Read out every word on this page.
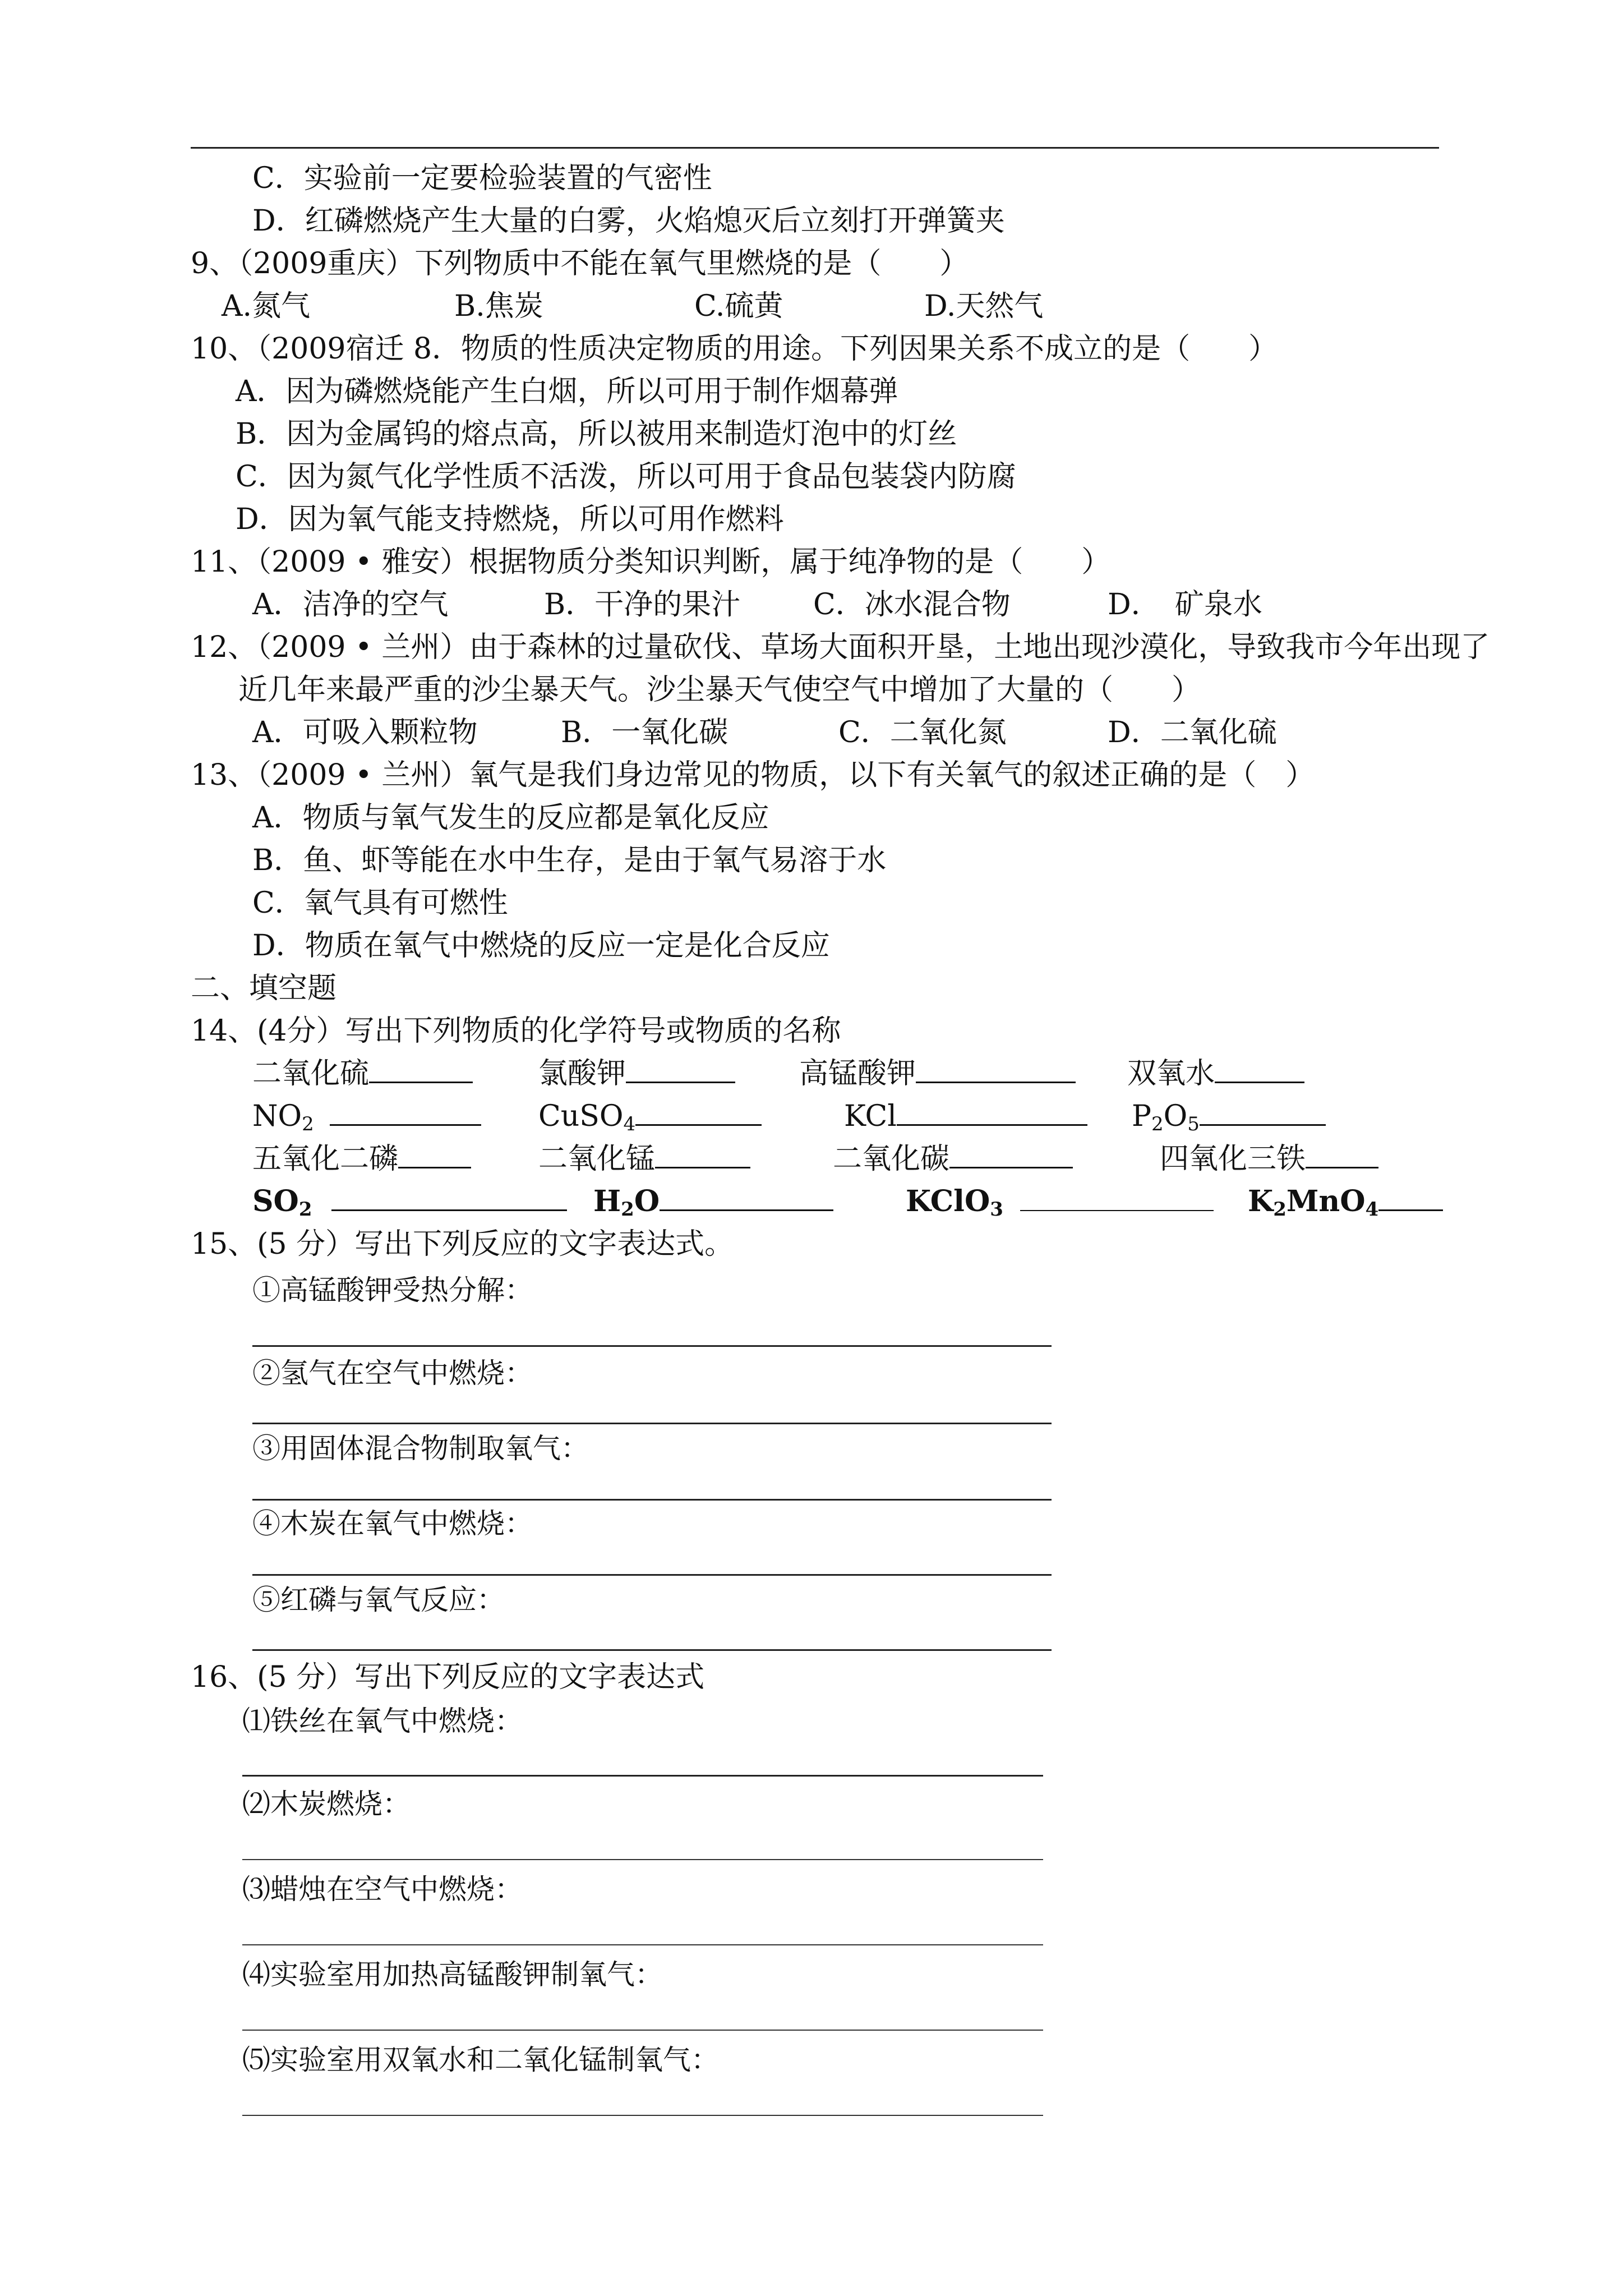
C．实验前一定要检验装置的气密性
D．红磷燃烧产生大量的白雾，火焰熄灭后立刻打开弹簧夹
9、（2009重庆）下列物质中不能在氧气里燃烧的是（　　）
A.氮气	B.焦炭	C.硫黄	D.天然气
10、（2009宿迁 8．物质的性质决定物质的用途。下列因果关系不成立的是（　　）
A．因为磷燃烧能产生白烟，所以可用于制作烟幕弹
B．因为金属钨的熔点高，所以被用来制造灯泡中的灯丝
C．因为氮气化学性质不活泼，所以可用于食品包装袋内防腐
D．因为氧气能支持燃烧，所以可用作燃料
11、（2009 • 雅安）根据物质分类知识判断，属于纯净物的是（　　）
A．洁净的空气	B．干净的果汁 C．冰水混合物	D．　矿泉水
12、（2009 • 兰州）由于森林的过量砍伐、草场大面积开垦，土地出现沙漠化，导致我市今年出现了
近几年来最严重的沙尘暴天气。沙尘暴天气使空气中增加了大量的（　　）
A．可吸入颗粒物	B．一氧化碳	C．二氧化氮	D．二氧化硫
13、（2009 • 兰州）氧气是我们身边常见的物质，以下有关氧气的叙述正确的是（　）
A．物质与氧气发生的反应都是氧化反应
B．鱼、虾等能在水中生存，是由于氧气易溶于水
C．氧气具有可燃性
D．物质在氧气中燃烧的反应一定是化合反应
二、填空题
14、(4分）写出下列物质的化学符号或物质的名称
二氧化硫	氯酸钾	高锰酸钾	双氧水
$NO_2$	CuSO$_4$	KCl	$P_2O_5$
五氧化二磷	二氧化锰	二氧化碳	四氧化三铁
$SO_2$	$H_2O$	KClO$_3$	$K_2MnO_4$
15、(5 分）写出下列反应的文字表达式。
①高锰酸钾受热分解：
②氢气在空气中燃烧：
③用固体混合物制取氧气：
④木炭在氧气中燃烧：
⑤红磷与氧气反应：
16、(5 分）写出下列反应的文字表达式
⑴铁丝在氧气中燃烧：
⑵木炭燃烧：
⑶蜡烛在空气中燃烧：
⑷实验室用加热高锰酸钾制氧气：
⑸实验室用双氧水和二氧化锰制氧气：
